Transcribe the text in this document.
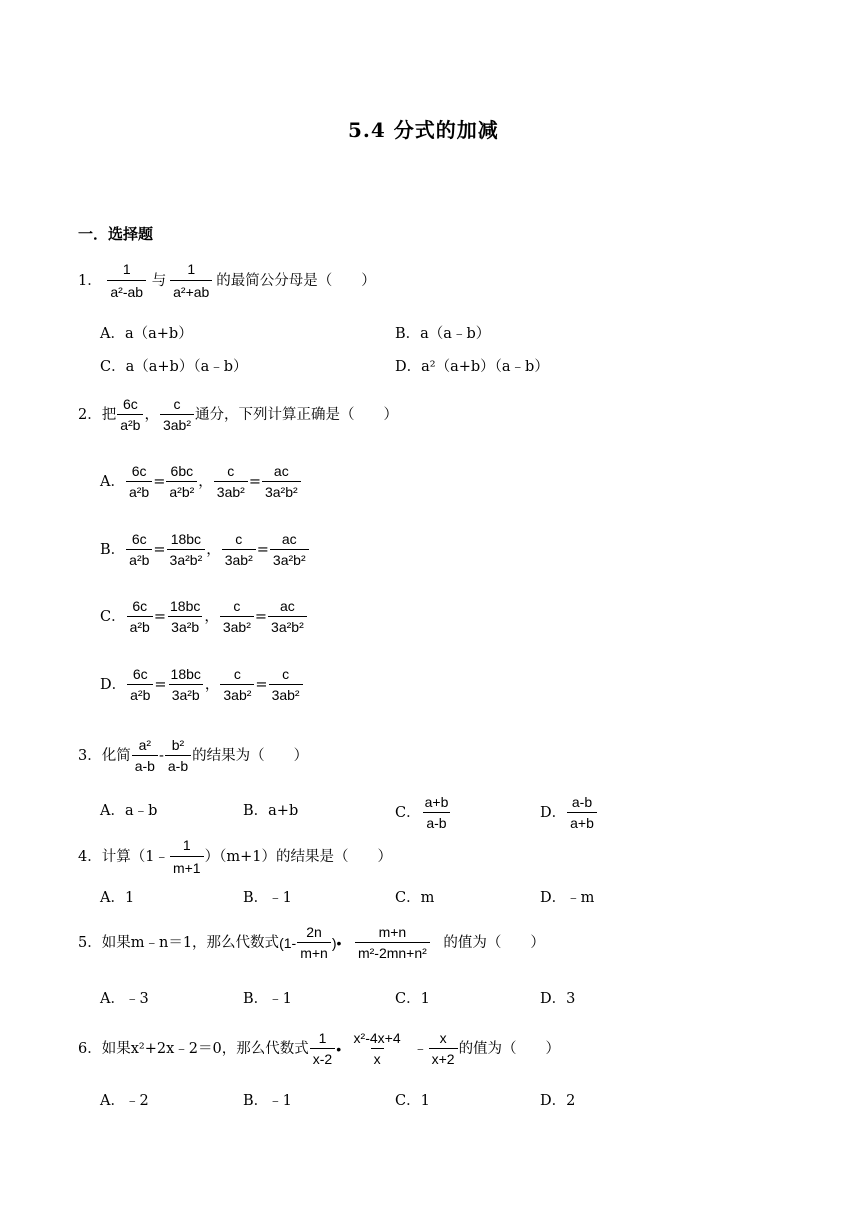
5.4 分式的加减
一．选择题
1． $\frac{1}{\text{a²-ab}}$ 与 $\frac{1}{\text{a²+ab}}$ 的最简公分母是（　　）
A．a（a+b）	B．a（a﹣b）
C．a（a+b）（a﹣b）	D．a²（a+b）（a﹣b）
2． 把 $\frac{6c}{\text{a²b}}$ ， $\frac{c}{\text{3ab²}}$ 通分，下列计算正确是（　　）
A． $\frac{6c}{\text{a²b}} = \frac{6bc}{\text{a²b²}}$ ， $\frac{c}{\text{3ab²}} = \frac{ac}{\text{3a²b²}}$
B． $\frac{6c}{\text{a²b}} = \frac{18bc}{\text{3a²b²}}$ ， $\frac{c}{\text{3ab²}} = \frac{ac}{\text{3a²b²}}$
C． $\frac{6c}{\text{a²b}} = \frac{18bc}{\text{3a²b}}$ ， $\frac{c}{\text{3ab²}} = \frac{ac}{\text{3a²b²}}$
D． $\frac{6c}{\text{a²b}} = \frac{18bc}{\text{3a²b}}$ ， $\frac{c}{\text{3ab²}} = \frac{c}{\text{3ab²}}$
3． 化简 $\frac{\text{a²}}{a-b} - \frac{\text{b²}}{a-b}$ 的结果为（　　）
A．a﹣b	B．a+b	C． $\frac{a+b}{a-b}$	D． $\frac{a-b}{a+b}$
4． 计算（1﹣ $\frac{1}{m+1} )(m+1)$的结果是（　　）
A．1	B．﹣1	C．m	D．﹣m
5． 如果m﹣n＝1，那么代数式 ($1- \frac{2n}{m+n}$ )• $\frac{m+n}{\text{m²-2mn+n²}}$ 的值为（　　）
A．﹣3	B．﹣1	C．1	D．3
6． 如果x²+2x﹣2＝0，那么代数式 $\frac{1}{x-2}$ • $\frac{\text{x²-4x+4}}{x}$ ﹣ $\frac{x}{x+2}$ 的值为（　　）
A．﹣2	B．﹣1	C．1	D．2
